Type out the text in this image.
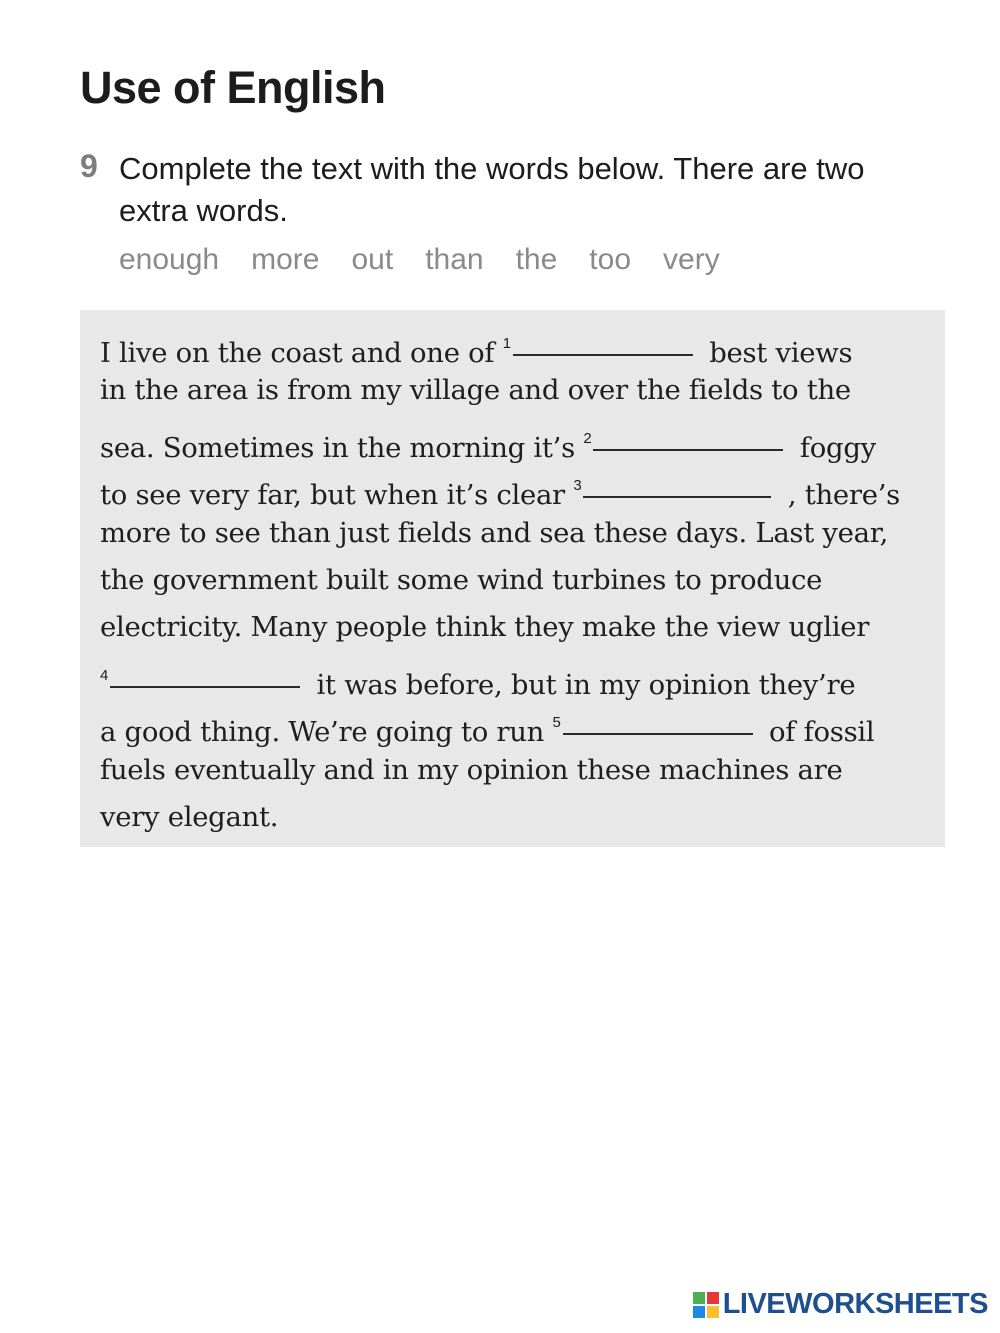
Use of English
9 Complete the text with the words below. There are two extra words.
enough more out than the too very
I live on the coast and one of $^1$	best views
in the area is from my village and over the fields to the
sea. Sometimes in the morning it’s $^2$	foggy
to see very far, but when it’s clear $^3$	, there’s
more to see than just fields and sea these days. Last year,
the government built some wind turbines to produce
electricity. Many people think they make the view uglier
$^4$	it was before, but in my opinion they’re
a good thing. We’re going to run $^5$	of fossil
fuels eventually and in my opinion these machines are
very elegant.
LIVEWORKSHEETS
